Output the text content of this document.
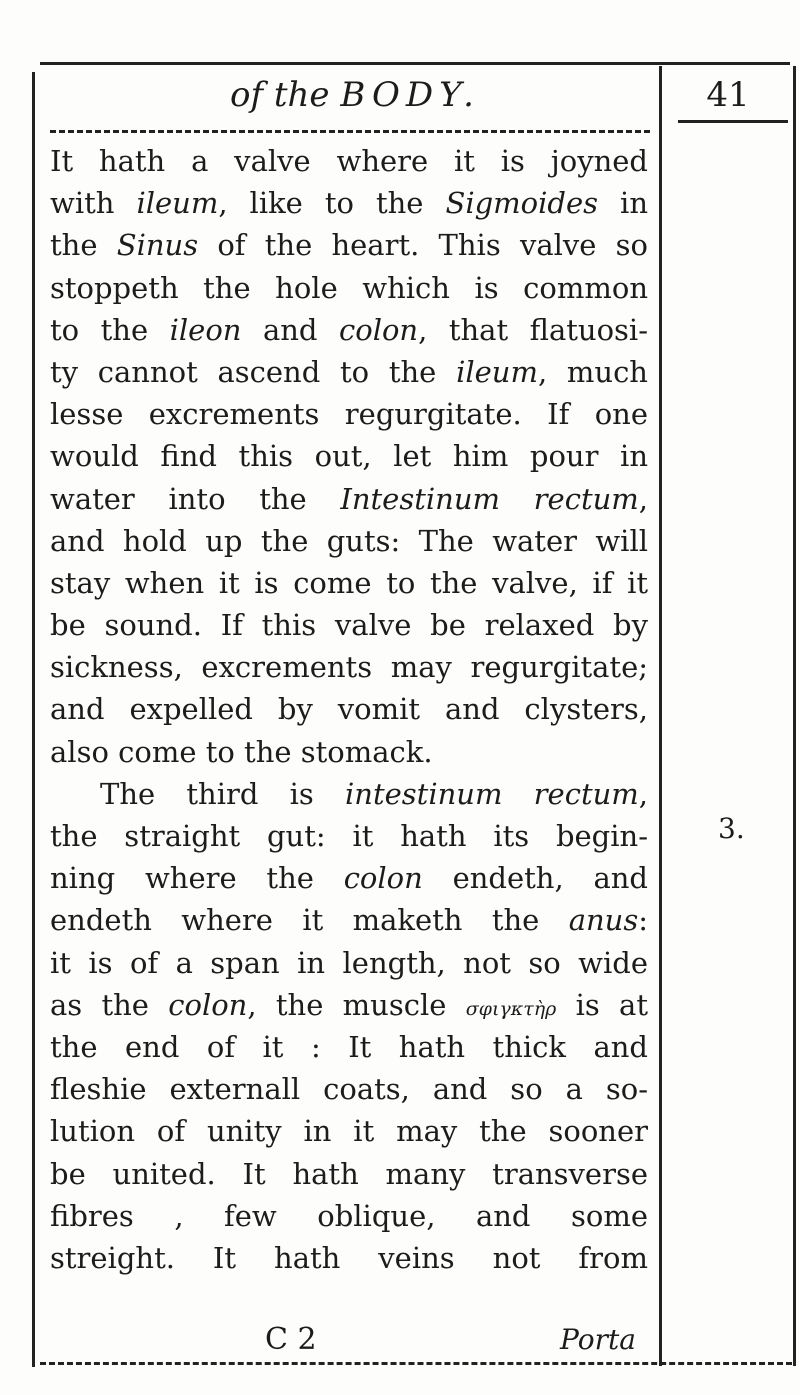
of the BODY.	41
It hath a valve where it is joyned
with ileum, like to the Sigmoides in
the Sinus of the heart. This valve so
stoppeth the hole which is common
to the ileon and colon, that flatuosi-
ty cannot ascend to the ileum, much
lesse excrements regurgitate. If one
would find this out, let him pour in
water into the Intestinum rectum,
and hold up the guts: The water will
stay when it is come to the valve, if it
be sound. If this valve be relaxed by
sickness, excrements may regurgitate;
and expelled by vomit and clysters,
also come to the stomack.
The third is intestinum rectum,
the straight gut: it hath its begin-
ning where the colon endeth, and
endeth where it maketh the anus:
it is of a span in length, not so wide
as the colon, the muscle σφιγκτὴρ is at
the end of it : It hath thick and
fleshie externall coats, and so a so-
lution of unity in it may the sooner
be united. It hath many transverse
fibres , few oblique, and some
streight. It hath veins not from
3.
C 2	Porta
